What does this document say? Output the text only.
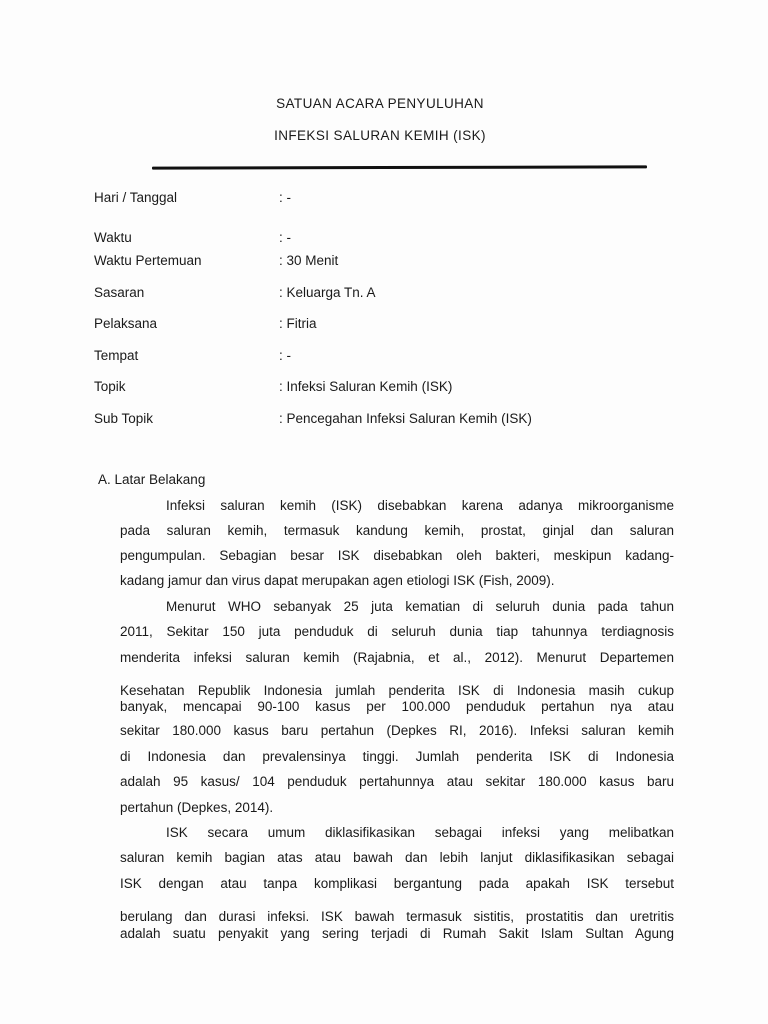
SATUAN ACARA PENYULUHAN
INFEKSI SALURAN KEMIH (ISK)
Hari / Tanggal	: -
Waktu	: -
Waktu Pertemuan	: 30 Menit
Sasaran	: Keluarga Tn. A
Pelaksana	: Fitria
Tempat	: -
Topik	: Infeksi Saluran Kemih (ISK)
Sub Topik	: Pencegahan Infeksi Saluran Kemih (ISK)
A. Latar Belakang
Infeksi saluran kemih (ISK) disebabkan karena adanya mikroorganisme
pada saluran kemih, termasuk kandung kemih, prostat, ginjal dan saluran
pengumpulan. Sebagian besar ISK disebabkan oleh bakteri, meskipun kadang-
kadang jamur dan virus dapat merupakan agen etiologi ISK (Fish, 2009).
Menurut WHO sebanyak 25 juta kematian di seluruh dunia pada tahun
2011, Sekitar 150 juta penduduk di seluruh dunia tiap tahunnya terdiagnosis
menderita infeksi saluran kemih (Rajabnia, et al., 2012). Menurut Departemen
Kesehatan Republik Indonesia jumlah penderita ISK di Indonesia masih cukup
banyak, mencapai 90-100 kasus per 100.000 penduduk pertahun nya atau
sekitar 180.000 kasus baru pertahun (Depkes RI, 2016). Infeksi saluran kemih
di Indonesia dan prevalensinya tinggi. Jumlah penderita ISK di Indonesia
adalah 95 kasus/ 104 penduduk pertahunnya atau sekitar 180.000 kasus baru
pertahun (Depkes, 2014).
ISK secara umum diklasifikasikan sebagai infeksi yang melibatkan
saluran kemih bagian atas atau bawah dan lebih lanjut diklasifikasikan sebagai
ISK dengan atau tanpa komplikasi bergantung pada apakah ISK tersebut
berulang dan durasi infeksi. ISK bawah termasuk sistitis, prostatitis dan uretritis
adalah suatu penyakit yang sering terjadi di Rumah Sakit Islam Sultan Agung
